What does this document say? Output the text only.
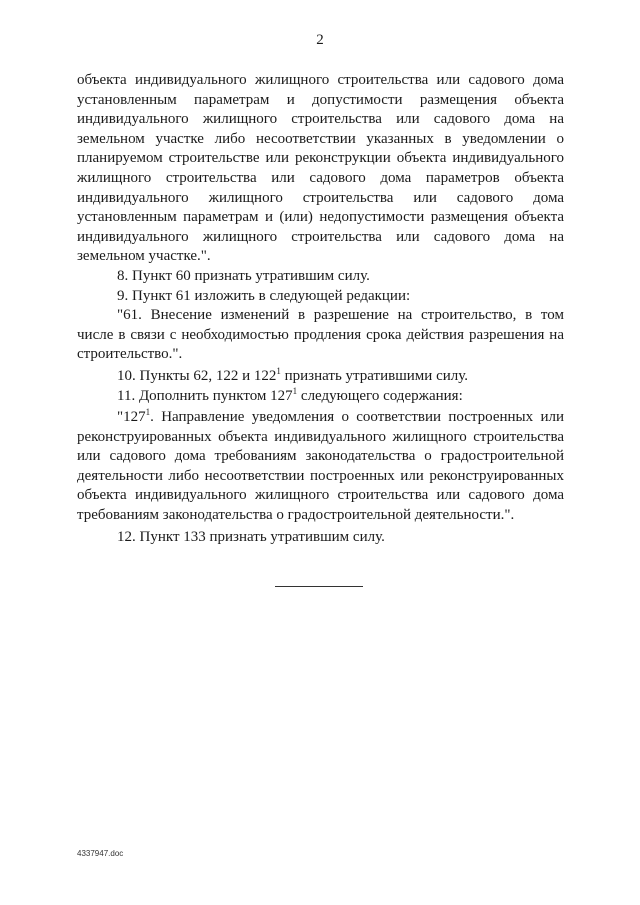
2

объекта индивидуального жилищного строительства или садового дома установленным параметрам и допустимости размещения объекта индивидуального жилищного строительства или садового дома на земельном участке либо несоответствии указанных в уведомлении о планируемом строительстве или реконструкции объекта индивидуального жилищного строительства или садового дома параметров объекта индивидуального жилищного строительства или садового дома установленным параметрам и (или) недопустимости размещения объекта индивидуального жилищного строительства или садового дома на земельном участке.".

8. Пункт 60 признать утратившим силу.

9. Пункт 61 изложить в следующей редакции:

"61. Внесение изменений в разрешение на строительство, в том числе в связи с необходимостью продления срока действия разрешения на строительство.".

10. Пункты 62, 122 и $122^1$ признать утратившими силу.

11. Дополнить пунктом $127^1$ следующего содержания:

"$127^1$. Направление уведомления о соответствии построенных или реконструированных объекта индивидуального жилищного строительства или садового дома требованиям законодательства о градостроительной деятельности либо несоответствии построенных или реконструированных объекта индивидуального жилищного строительства или садового дома требованиям законодательства о градостроительной деятельности.".

12. Пункт 133 признать утратившим силу.

4337947.doc
